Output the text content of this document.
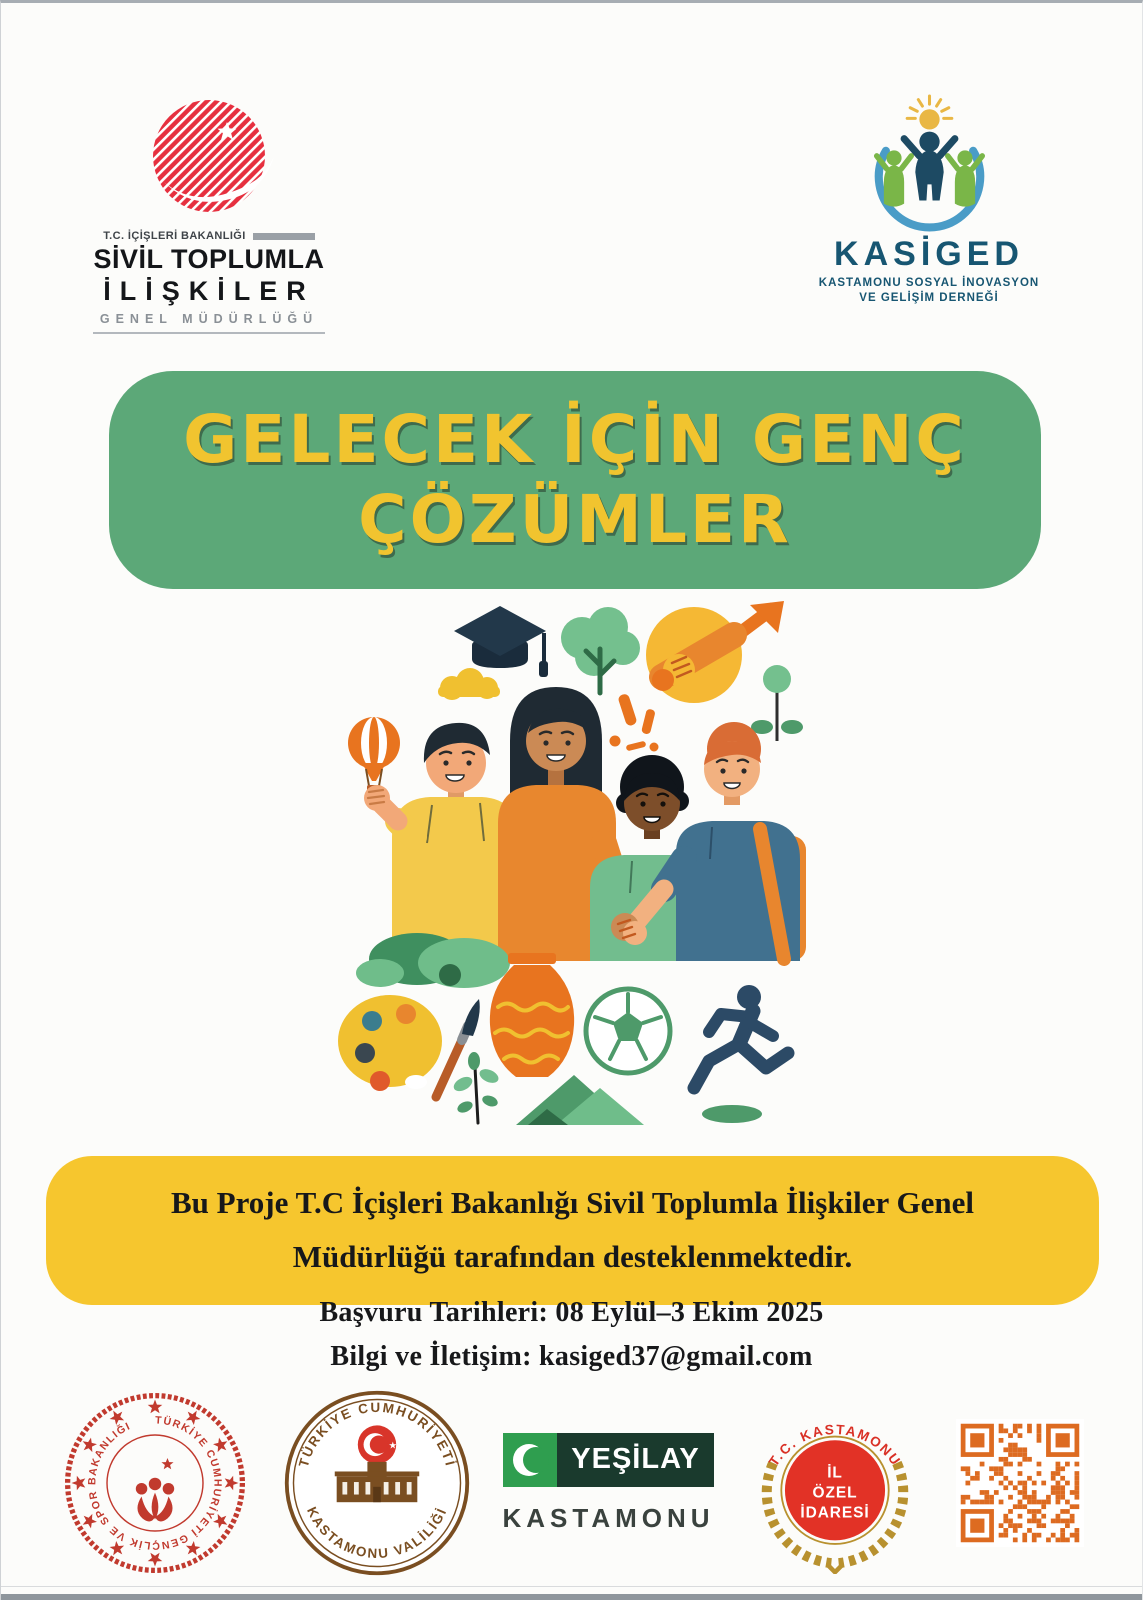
T.C. İÇİŞLERİ BAKANLIĞI
SİVİL TOPLUMLA
İLİŞKİLER
GENEL MÜDÜRLÜĞÜ
KASİGED
KASTAMONU SOSYAL İNOVASYON
VE GELİŞİM DERNEĞİ
GELECEK İÇİN GENÇ
ÇÖZÜMLER

Bu Proje T.C İçişleri Bakanlığı Sivil Toplumla İlişkiler Genel Müdürlüğü tarafından desteklenmektedir.

Başvuru Tarihleri: 08 Eylül–3 Ekim 2025

Bilgi ve İletişim: kasiged37@gmail.com

TÜRKİYE CUMHURİYETİ GENÇLİK VE SPOR BAKANLIĞI
TÜRKİYE CUMHURİYETİ
KASTAMONU VALİLİĞİ
★	YEŞİLAY
KASTAMONU
T.C. KASTAMONU
İL
ÖZEL
İDARESİ
